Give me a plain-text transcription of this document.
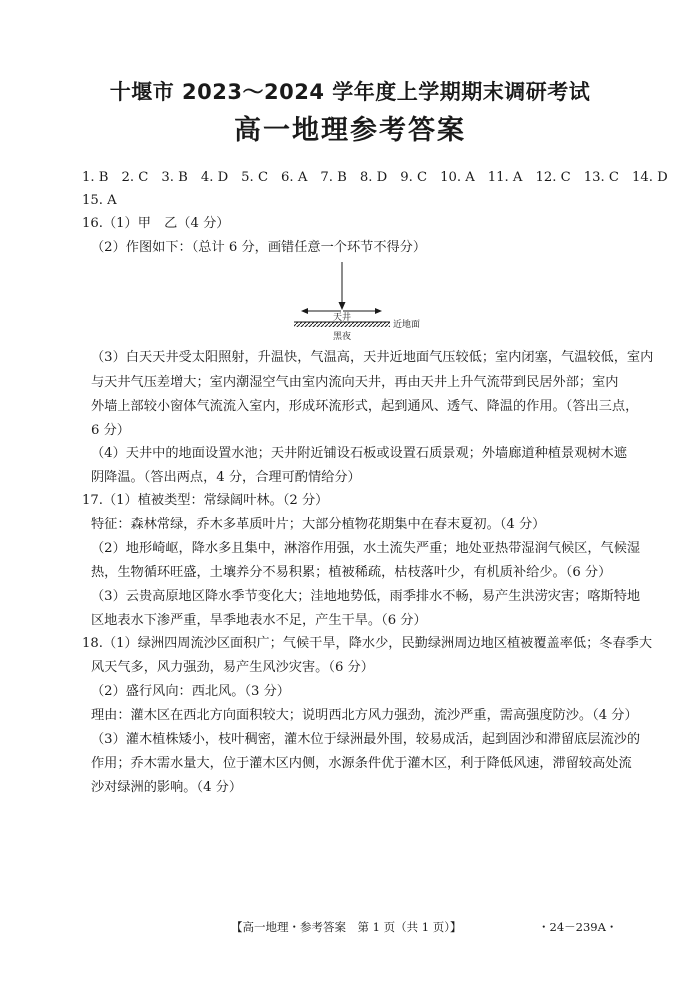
十堰市 2023～2024 学年度上学期期末调研考试
高一地理参考答案
1. B 2. C 3. B 4. D 5. C 6. A 7. B 8. D 9. C 10. A 11. A 12. C 13. C 14. D
15. A
16.（1）甲　乙（4 分）
（2）作图如下：（总计 6 分，画错任意一个环节不得分）
天井
近地面
黑夜
（3）白天天井受太阳照射，升温快，气温高，天井近地面气压较低；室内闭塞，气温较低，室内
与天井气压差增大；室内潮湿空气由室内流向天井，再由天井上升气流带到民居外部；室内
外墙上部较小窗体气流流入室内，形成环流形式，起到通风、透气、降温的作用。（答出三点，
6 分）
（4）天井中的地面设置水池；天井附近铺设石板或设置石质景观；外墙廊道种植景观树木遮
阴降温。（答出两点，4 分，合理可酌情给分）
17.（1）植被类型：常绿阔叶林。（2 分）
特征：森林常绿，乔木多革质叶片；大部分植物花期集中在春末夏初。（4 分）
（2）地形崎岖，降水多且集中，淋溶作用强，水土流失严重；地处亚热带湿润气候区，气候湿
热，生物循环旺盛，土壤养分不易积累；植被稀疏，枯枝落叶少，有机质补给少。（6 分）
（3）云贵高原地区降水季节变化大；洼地地势低，雨季排水不畅，易产生洪涝灾害；喀斯特地
区地表水下渗严重，旱季地表水不足，产生干旱。（6 分）
18.（1）绿洲四周流沙区面积广；气候干旱，降水少，民勤绿洲周边地区植被覆盖率低；冬春季大
风天气多，风力强劲，易产生风沙灾害。（6 分）
（2）盛行风向：西北风。（3 分）
理由：灌木区在西北方向面积较大；说明西北方风力强劲，流沙严重，需高强度防沙。（4 分）
（3）灌木植株矮小，枝叶稠密，灌木位于绿洲最外围，较易成活，起到固沙和滞留底层流沙的
作用；乔木需水量大，位于灌木区内侧，水源条件优于灌木区，利于降低风速，滞留较高处流
沙对绿洲的影响。（4 分）
【高一地理・参考答案　第 1 页（共 1 页）】	・24－239A・
